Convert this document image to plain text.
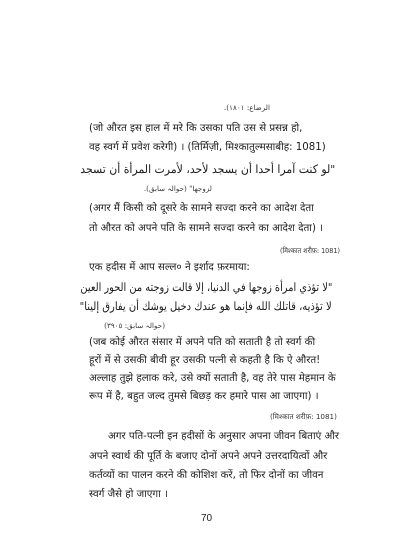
الرضاع: ١٨٠١).
(जो औरत इस हाल में मरे कि उसका पति उस से प्रसन्न हो,
वह स्वर्ग में प्रवेश करेगी) । (तिर्मिज़ी, मिश्कातुल्मसाबीह: 1081)
"لو كنت آمرا أحدا أن يسجد لأحد، لأمرت المرأة أن تسجد
لزوجها" (حوالہ سابق).
(अगर मैं किसी को दूसरे के सामने सज्दा करने का आदेश देता
तो औरत को अपने पति के सामने सज्दा करने का आदेश देता) ।
(मिश्कात शरीफ़: 1081)
एक हदीस में आप सल्ल० ने इर्शाद फ़रमाया:
"لا تؤذي امرأة زوجها في الدنيا، إلا قالت زوجته من الحور العين
لا تؤذيه، قاتلك الله فإنما هو عندك دخيل يوشك أن يفارق إلينا"
(حوالہ سابق: ٣٩٠٥)
(जब कोई औरत संसार में अपने पति को सताती है तो स्वर्ग की
हूरों में से उसकी बीवी हूर उसकी पत्नी से कहती है कि ऐ औरत!
अल्लाह तुझे हलाक करे, उसे क्यों सताती है, वह तेरे पास मेहमान के
रूप में है, बहुत जल्द तुमसे बिछड़ कर हमारे पास आ जाएगा) ।
(मिश्कात शरीफ़: 1081)
अगर पति-पत्नी इन हदीसों के अनुसार अपना जीवन बिताएं और
अपने स्वार्थ की पूर्ति के बजाए दोनों अपने अपने उत्तरदायित्वों और
कर्तव्यों का पालन करने की कोशिश करें, तो फिर दोनों का जीवन
स्वर्ग जैसे हो जाएगा ।
70
